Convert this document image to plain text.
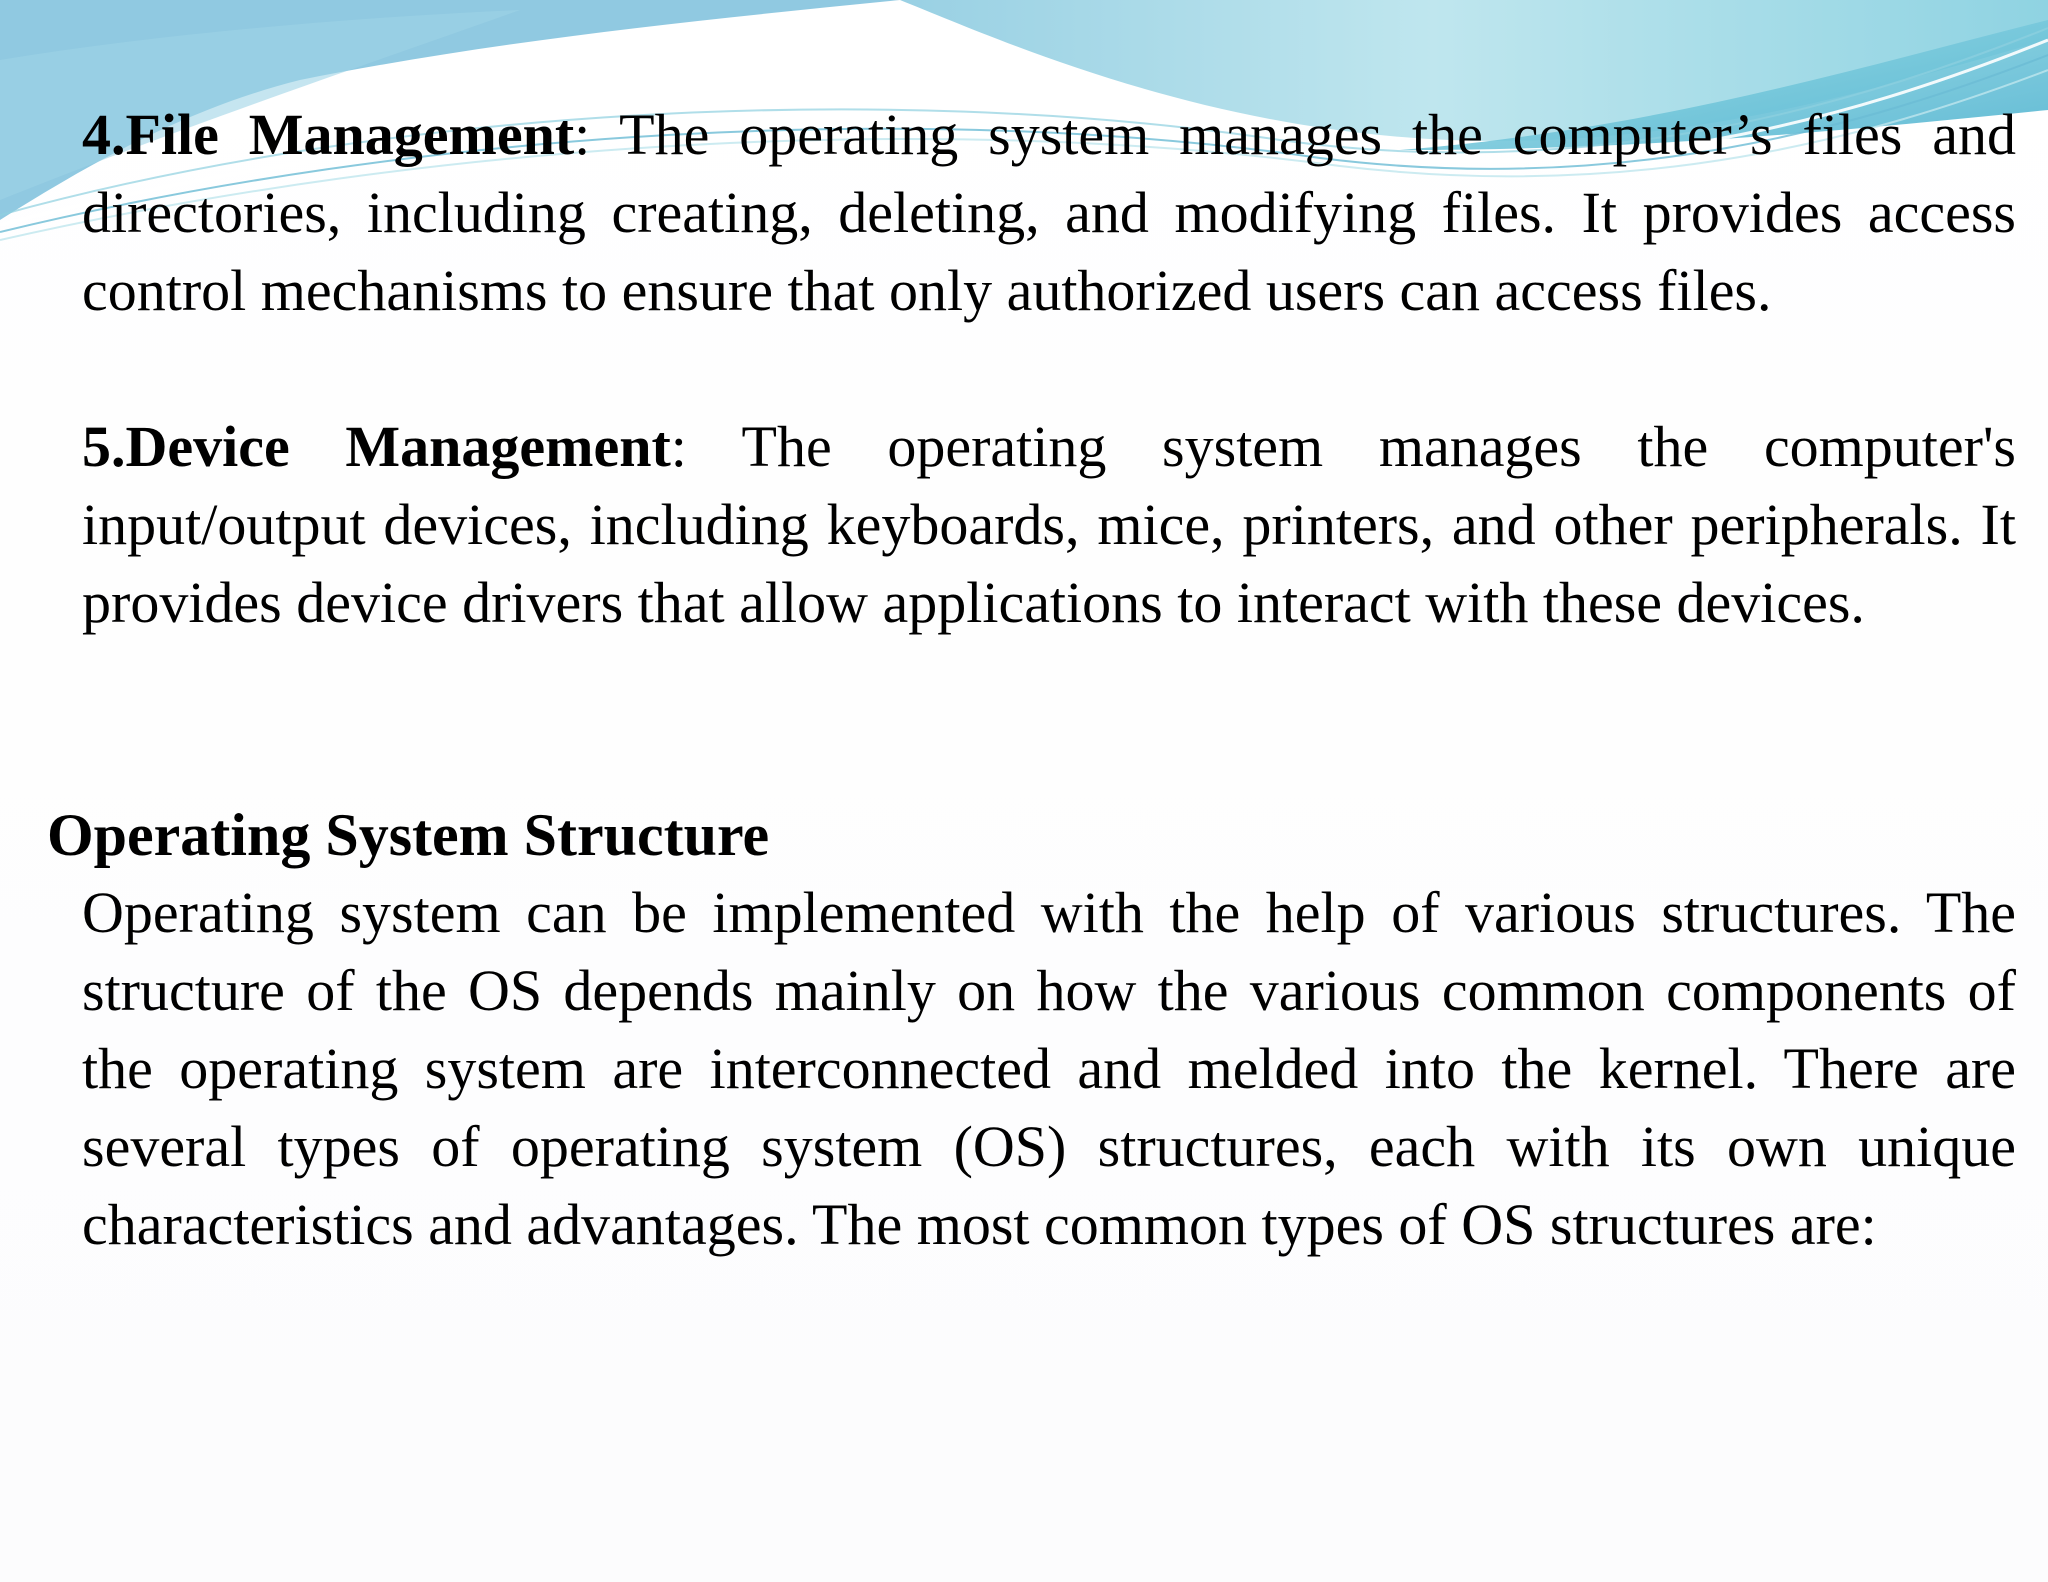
4.File Management: The operating system manages the computer’s files and directories, including creating, deleting, and modifying files. It provides access control mechanisms to ensure that only authorized users can access files.

5.Device Management: The operating system manages the computer's input/output devices, including keyboards, mice, printers, and other peripherals. It provides device drivers that allow applications to interact with these devices.

Operating System Structure

Operating system can be implemented with the help of various structures. The structure of the OS depends mainly on how the various common components of the operating system are interconnected and melded into the kernel. There are several types of operating system (OS) structures, each with its own unique characteristics and advantages. The most common types of OS structures are:
